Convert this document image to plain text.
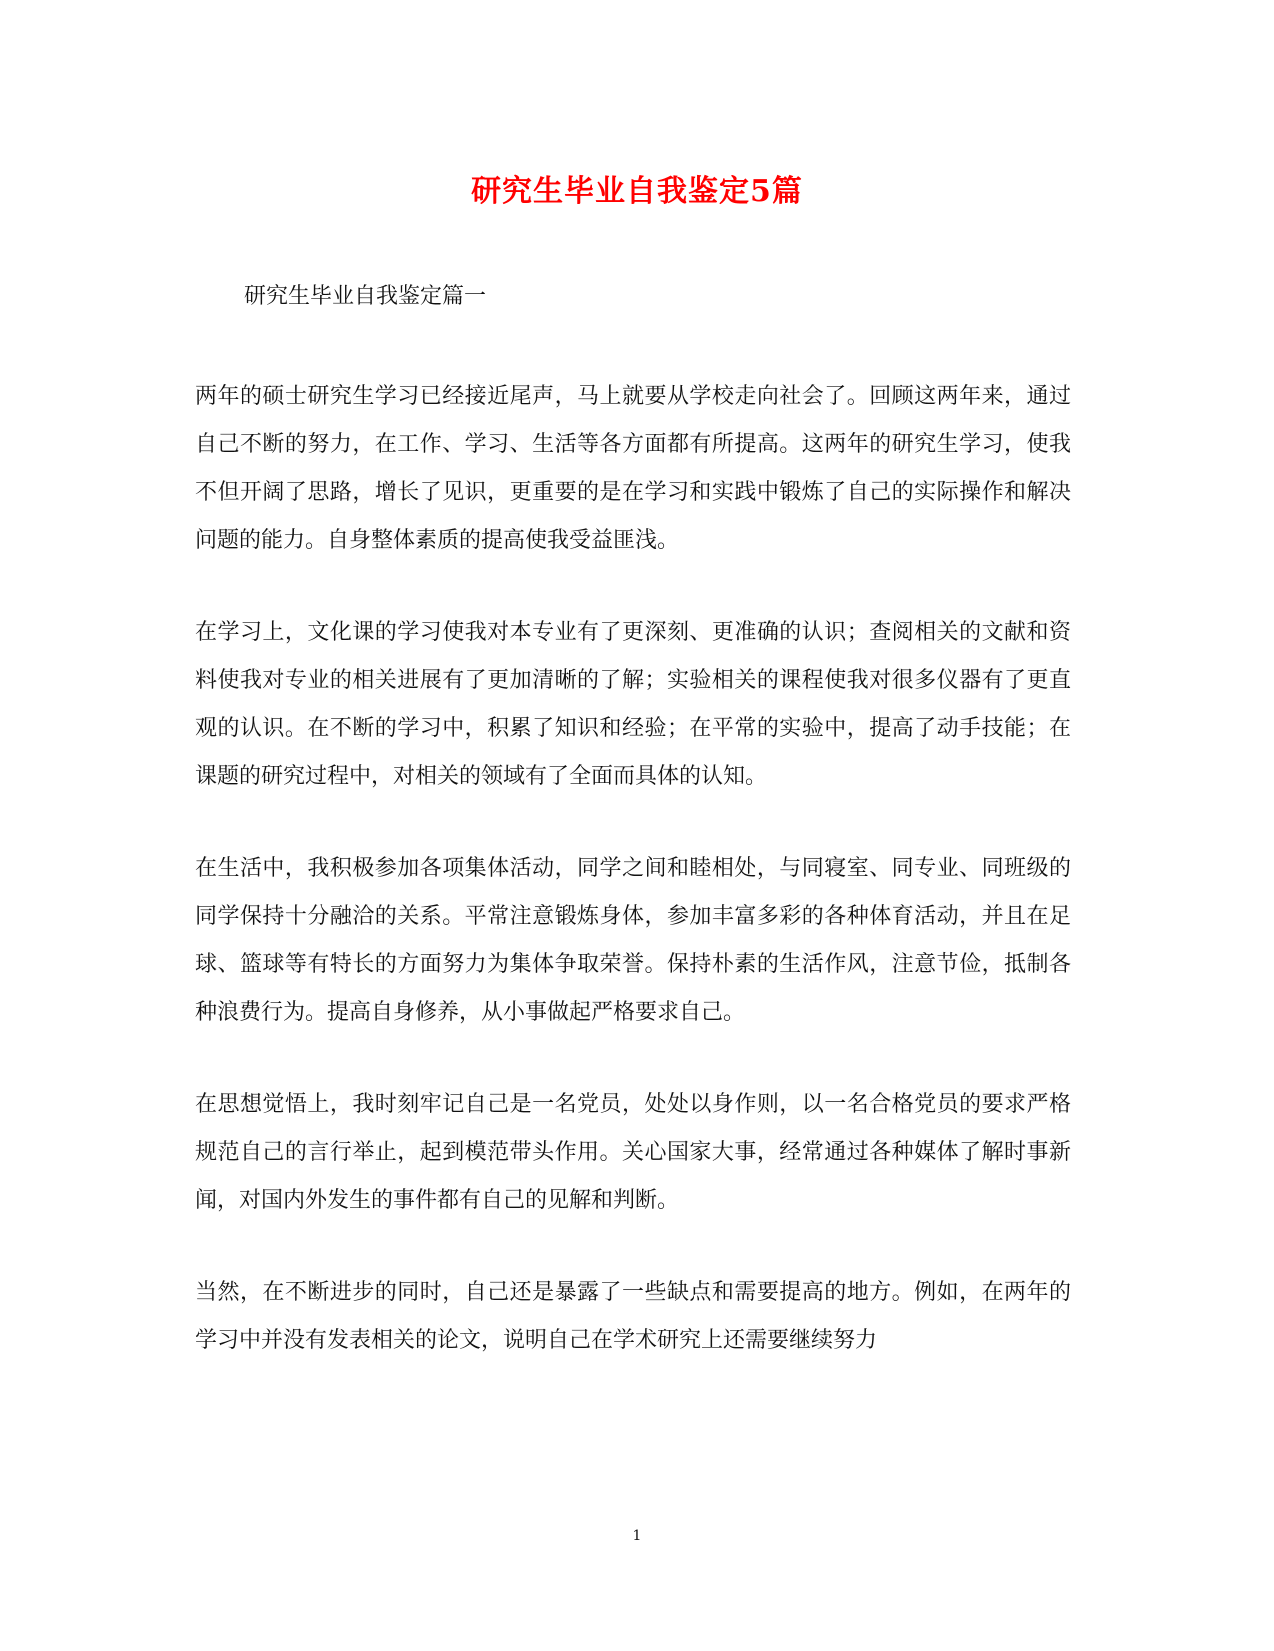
研究生毕业自我鉴定5篇
研究生毕业自我鉴定篇一

两年的硕士研究生学习已经接近尾声，马上就要从学校走向社会了。回顾这两年来，通过自己不断的努力，在工作、学习、生活等各方面都有所提高。这两年的研究生学习，使我不但开阔了思路，增长了见识，更重要的是在学习和实践中锻炼了自己的实际操作和解决问题的能力。自身整体素质的提高使我受益匪浅。

在学习上，文化课的学习使我对本专业有了更深刻、更准确的认识；查阅相关的文献和资料使我对专业的相关进展有了更加清晰的了解；实验相关的课程使我对很多仪器有了更直观的认识。在不断的学习中，积累了知识和经验；在平常的实验中，提高了动手技能；在课题的研究过程中，对相关的领域有了全面而具体的认知。

在生活中，我积极参加各项集体活动，同学之间和睦相处，与同寝室、同专业、同班级的同学保持十分融洽的关系。平常注意锻炼身体，参加丰富多彩的各种体育活动，并且在足球、篮球等有特长的方面努力为集体争取荣誉。保持朴素的生活作风，注意节俭，抵制各种浪费行为。提高自身修养，从小事做起严格要求自己。

在思想觉悟上，我时刻牢记自己是一名党员，处处以身作则，以一名合格党员的要求严格规范自己的言行举止，起到模范带头作用。关心国家大事，经常通过各种媒体了解时事新闻，对国内外发生的事件都有自己的见解和判断。

当然，在不断进步的同时，自己还是暴露了一些缺点和需要提高的地方。例如，在两年的学习中并没有发表相关的论文，说明自己在学术研究上还需要继续努力

1
